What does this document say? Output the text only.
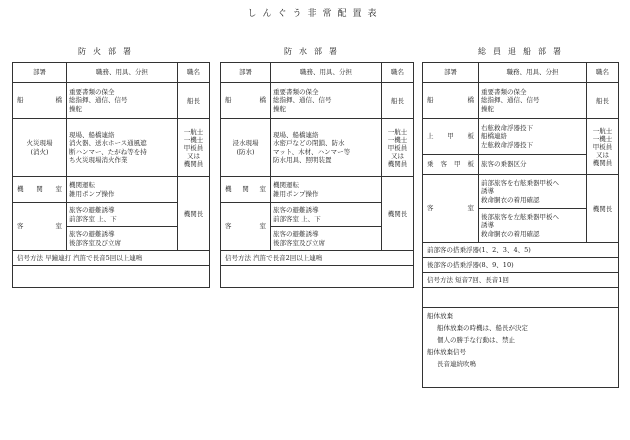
しんぐう非常配置表
防火部署	防水部署	総員退船部署
部署	職務、用具、分担	職名
船橋	重要書類の保全
総指揮、通信、信号
操舵	船長

火災現場
(消火)	現場、船橋連絡
消火器、送水ホース通風遮
断ハンマー、たがね等を持
ち火災現場消火作業	一航士
一機士
甲板員
又は
機関員

機関室	機関運転
雑用ポンプ操作	機関長
客室	旅客の避難誘導
前部客室 上、下	

	旅客の避難誘導
後部客室及び立席	

信号方法 早鐘連打 汽笛で長音5回以上連鳴		

部署	職務、用具、分担	職名
船橋	重要書類の保全
総指揮、通信、信号
操舵	船長

浸水現場
(防水)	現場、船橋連絡
水密戸などの閉鎖、防水
マット、木材、ハンマー等
防水用具、照明装置	一航士
一機士
甲板員
又は
機関員

機関室	機関運転
雑用ポンプ操作	機関長
客室	旅客の避難誘導
前部客室 上、下	

	旅客の避難誘導
後部客室及び立席	

信号方法 汽笛で長音2回以上連鳴		

部署	職務、用具、分担	職名
船橋	重要書類の保全
総指揮、通信、信号
操舵	船長
上甲板	右舷救命浮器投下
船橋連絡
左舷救命浮器投下	一航士
一機士
甲板員
又は
機関員

乗客甲板	旅客の乗器区分	
客室	前部旅客を右舷乗器甲板へ
誘導
救命胴衣の着用確認	機関長

	後部旅客を左舷乗器甲板へ
誘導
救命胴衣の着用確認	

前部客の搭乗浮器(1、2、3、4、5)		
後部客の搭乗浮器(8、9、10)		
信号方法 短音7回、長音1回		

船体放棄
船体放棄の時機は、船長が決定
個人の勝手な行動は、禁止
船体放棄信号
長音連続吹鳴		
